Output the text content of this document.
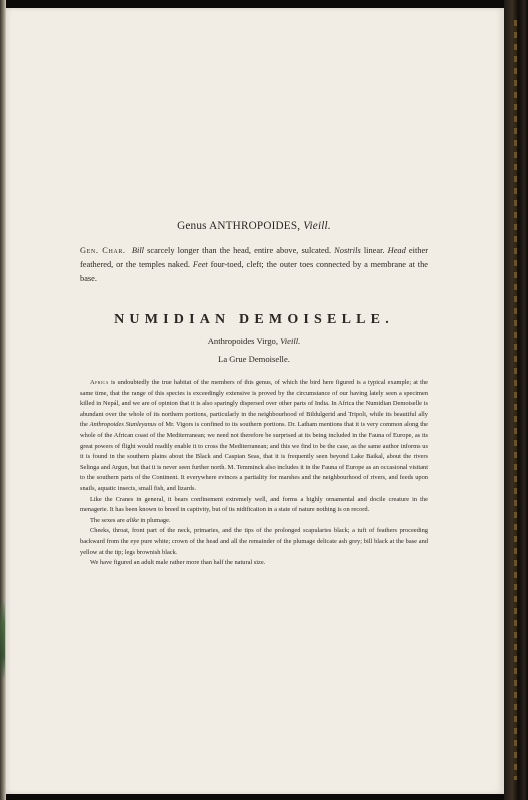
Genus ANTHROPOIDES, Vieill.

Gen. Char. Bill scarcely longer than the head, entire above, sulcated. Nostrils linear. Head either feathered, or the temples naked. Feet four-toed, cleft; the outer toes connected by a membrane at the base.

NUMIDIAN DEMOISELLE.

Anthropoides Virgo, Vieill.
La Grue Demoiselle.

Africa is undoubtedly the true habitat of the members of this genus, of which the bird here figured is a typical example; at the same time, that the range of this species is exceedingly extensive is proved by the circumstance of our having lately seen a specimen killed in Nepál, and we are of opinion that it is also sparingly dispersed over other parts of India. In Africa the Numidian Demoiselle is abundant over the whole of its northern portions, particularly in the neighbourhood of Bildulgerid and Tripoli, while its beautiful ally the Anthropoides Stanleyanus of Mr. Vigors is confined to its southern portions. Dr. Latham mentions that it is very common along the whole of the African coast of the Mediterranean; we need not therefore be surprised at its being included in the Fauna of Europe, as its great powers of flight would readily enable it to cross the Mediterranean; and this we find to be the case, as the same author informs us it is found in the southern plains about the Black and Caspian Seas, that it is frequently seen beyond Lake Baikal, about the rivers Selinga and Argun, but that it is never seen further north. M. Temminck also includes it in the Fauna of Europe as an occasional visitant to the southern parts of the Continent. It everywhere evinces a partiality for marshes and the neighbourhood of rivers, and feeds upon snails, aquatic insects, small fish, and lizards.

Like the Cranes in general, it bears confinement extremely well, and forms a highly ornamental and docile creature in the menagerie. It has been known to breed in captivity, but of its nidification in a state of nature nothing is on record.

The sexes are alike in plumage.

Cheeks, throat, front part of the neck, primaries, and the tips of the prolonged scapularies black; a tuft of feathers proceeding backward from the eye pure white; crown of the head and all the remainder of the plumage delicate ash grey; bill black at the base and yellow at the tip; legs brownish black.

We have figured an adult male rather more than half the natural size.
